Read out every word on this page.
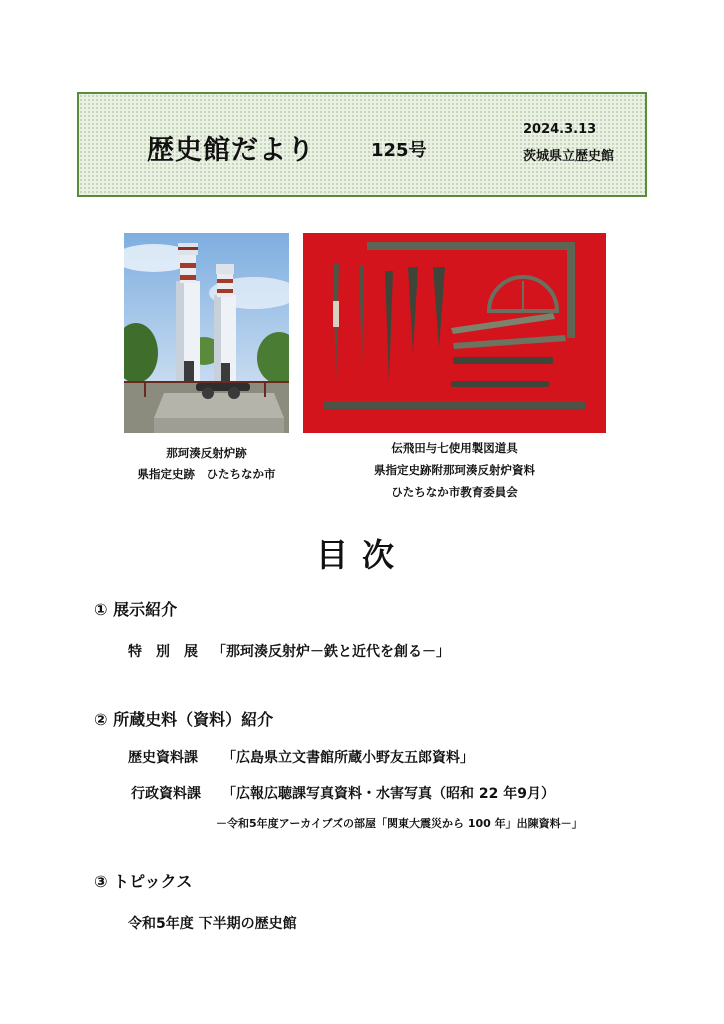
歴史館だより	125号
2024.3.13
茨城県立歴史館
那珂湊反射炉跡
県指定史跡　ひたちなか市
伝飛田与七使用製図道具
県指定史跡附那珂湊反射炉資料
ひたちなか市教育委員会
目次
① 展示紹介
特　別　展 「那珂湊反射炉－鉄と近代を創る－」
② 所蔵史料（資料）紹介
歴史資料課 「広島県立文書館所蔵小野友五郎資料」
行政資料課 「広報広聴課写真資料・水害写真（昭和 22 年9月）
－令和5年度アーカイブズの部屋「関東大震災から 100 年」出陳資料－」
③ トピックス
令和5年度 下半期の歴史館
